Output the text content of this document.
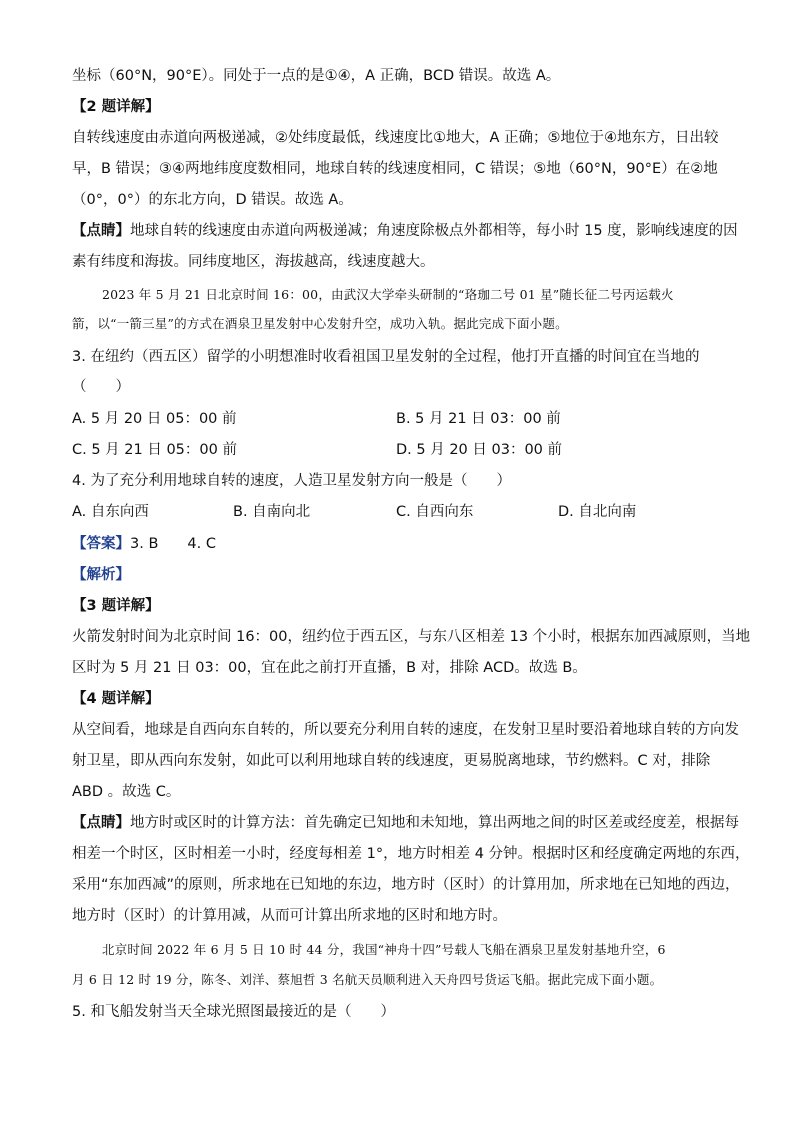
坐标（60°N，90°E）。同处于一点的是①④，A 正确，BCD 错误。故选 A。
【2 题详解】
自转线速度由赤道向两极递减，②处纬度最低，线速度比①地大，A 正确；⑤地位于④地东方，日出较
早，B 错误；③④两地纬度度数相同，地球自转的线速度相同，C 错误；⑤地（60°N，90°E）在②地
（0°，0°）的东北方向，D 错误。故选 A。
【点睛】地球自转的线速度由赤道向两极递减；角速度除极点外都相等，每小时 15 度，影响线速度的因
素有纬度和海拔。同纬度地区，海拔越高，线速度越大。
2023 年 5 月 21 日北京时间 16：00，由武汉大学牵头研制的“珞珈二号 01 星”随长征二号丙运载火
箭，以“一箭三星”的方式在酒泉卫星发射中心发射升空，成功入轨。据此完成下面小题。
3. 在纽约（西五区）留学的小明想准时收看祖国卫星发射的全过程，他打开直播的时间宜在当地的
（　　）
A. 5 月 20 日 05：00 前	B. 5 月 21 日 03：00 前
C. 5 月 21 日 05：00 前	D. 5 月 20 日 03：00 前
4. 为了充分利用地球自转的速度，人造卫星发射方向一般是（　　）
A. 自东向西	B. 自南向北	C. 自西向东	D. 自北向南
【答案】3. B　　4. C
【解析】
【3 题详解】
火箭发射时间为北京时间 16：00，纽约位于西五区，与东八区相差 13 个小时，根据东加西减原则，当地
区时为 5 月 21 日 03：00，宜在此之前打开直播，B 对，排除 ACD。故选 B。
【4 题详解】
从空间看，地球是自西向东自转的，所以要充分利用自转的速度，在发射卫星时要沿着地球自转的方向发
射卫星，即从西向东发射，如此可以利用地球自转的线速度，更易脱离地球，节约燃料。C 对，排除
ABD 。故选 C。
【点睛】地方时或区时的计算方法：首先确定已知地和未知地，算出两地之间的时区差或经度差，根据每
相差一个时区，区时相差一小时，经度每相差 1°，地方时相差 4 分钟。根据时区和经度确定两地的东西，
采用“东加西减”的原则，所求地在已知地的东边，地方时（区时）的计算用加，所求地在已知地的西边，
地方时（区时）的计算用减，从而可计算出所求地的区时和地方时。
北京时间 2022 年 6 月 5 日 10 时 44 分，我国“神舟十四”号载人飞船在酒泉卫星发射基地升空，6
月 6 日 12 时 19 分，陈冬、刘洋、蔡旭哲 3 名航天员顺利进入天舟四号货运飞船。据此完成下面小题。
5. 和飞船发射当天全球光照图最接近的是（　　）
